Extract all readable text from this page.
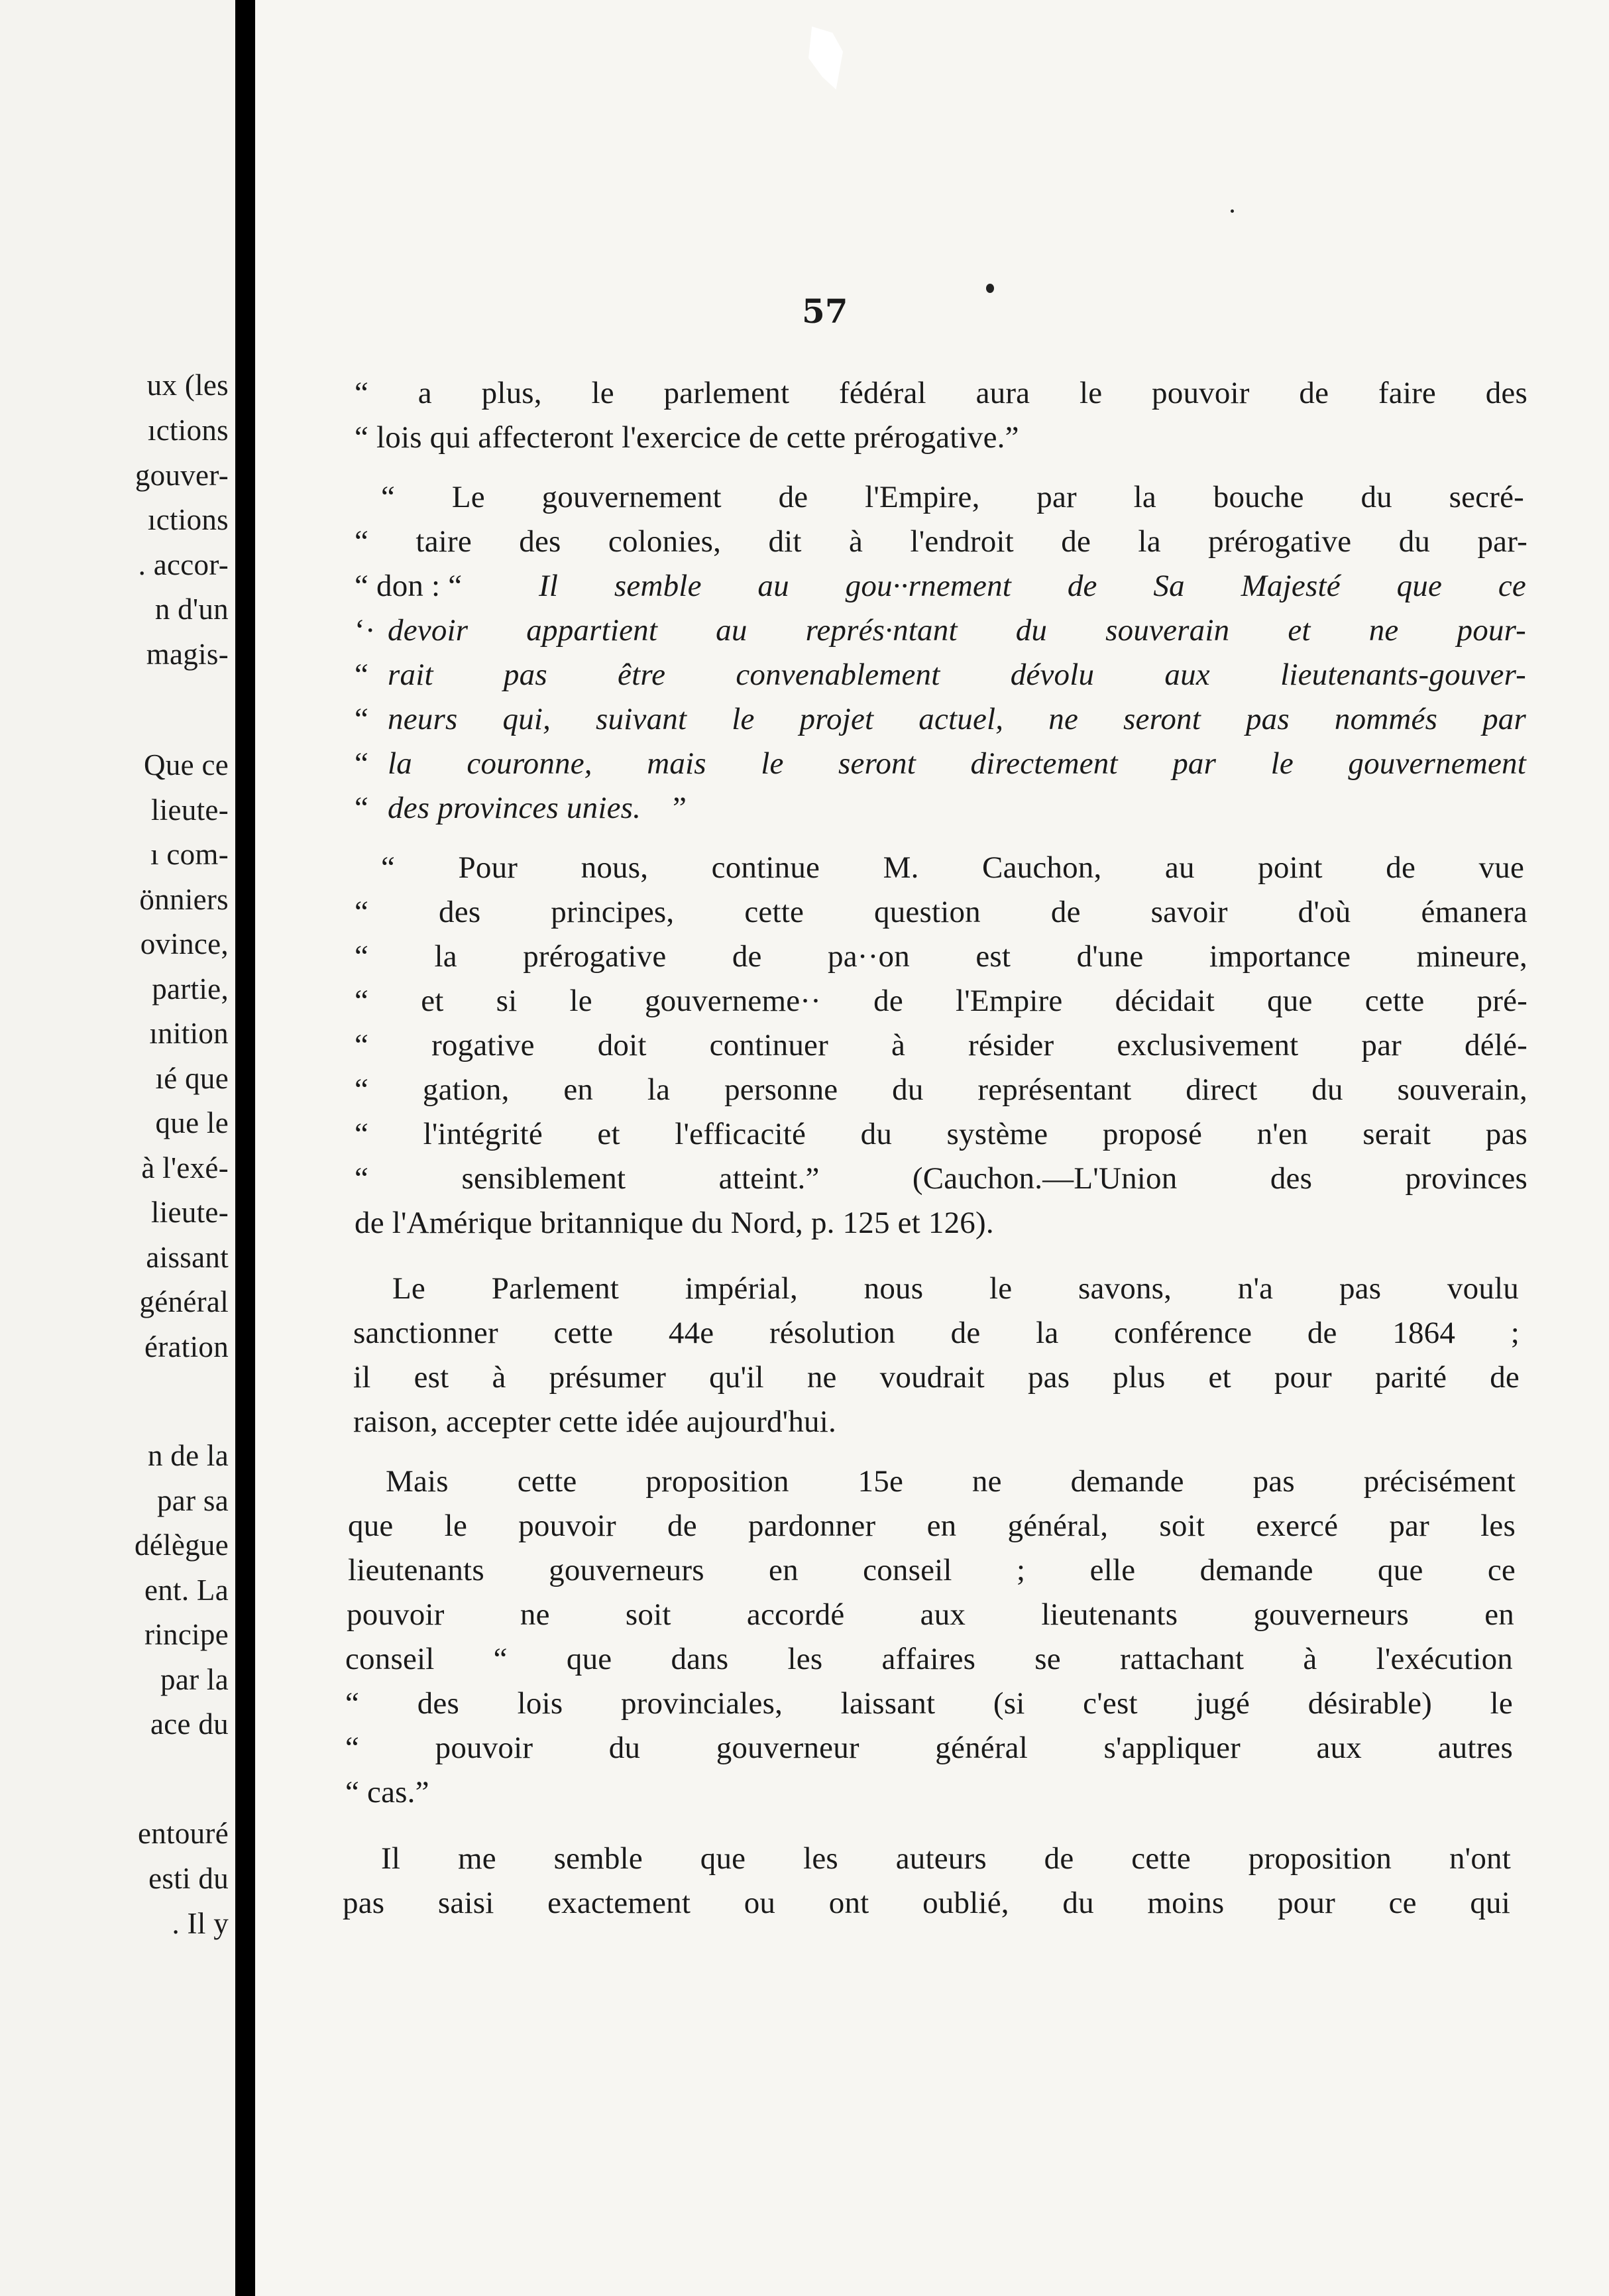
ux (les
ıctions
gouver-
ıctions
. accor-
n d'un
magis-
Que ce
lieute-
ı com-
önniers
ovince,
partie,
ınition
ıé que
que le
à l'exé-
lieute-
aissant
général
ération
n de la
par sa
délègue
ent. La
rincipe
par la
ace du
entouré
esti du
. Il y
57
“ a plus, le parlement fédéral aura le pouvoir de faire des
“ lois qui affecteront l'exercice de cette prérogative.”
“ Le gouvernement de l'Empire, par la bouche du secré-
“ taire des colonies, dit à l'endroit de la prérogative du par-
“ don : “	Il semble au gou··rnement de Sa Majesté que ce
‘· devoir appartient au représ·ntant du souverain et ne pour-
“ rait pas être convenablement dévolu aux lieutenants-gouver-
“ neurs qui, suivant le projet actuel, ne seront pas nommés par
“ la couronne, mais le seront directement par le gouvernement
“ des provinces unies.	”
“ Pour nous, continue M. Cauchon, au point de vue
“ des principes, cette question de savoir d'où émanera
“ la prérogative de pa··on est d'une importance mineure,
“ et si le gouverneme·· de l'Empire décidait que cette pré-
“ rogative doit continuer à résider exclusivement par délé-
“ gation, en la personne du représentant direct du souverain,
“ l'intégrité et l'efficacité du système proposé n'en serait pas
“ sensiblement atteint.” (Cauchon.—L'Union des provinces
de l'Amérique britannique du Nord, p. 125 et 126).
Le Parlement impérial, nous le savons, n'a pas voulu
sanctionner cette 44e résolution de la conférence de 1864 ;
il est à présumer qu'il ne voudrait pas plus et pour parité de
raison, accepter cette idée aujourd'hui.
Mais cette proposition 15e ne demande pas précisément
que le pouvoir de pardonner en général, soit exercé par les
lieutenants gouverneurs en conseil ; elle demande que ce
pouvoir ne soit accordé aux lieutenants gouverneurs en
conseil “ que dans les affaires se rattachant à l'exécution
“ des lois provinciales, laissant (si c'est jugé désirable) le
“ pouvoir du gouverneur général s'appliquer aux autres
“ cas.”
Il me semble que les auteurs de cette proposition n'ont
pas saisi exactement ou ont oublié, du moins pour ce qui
